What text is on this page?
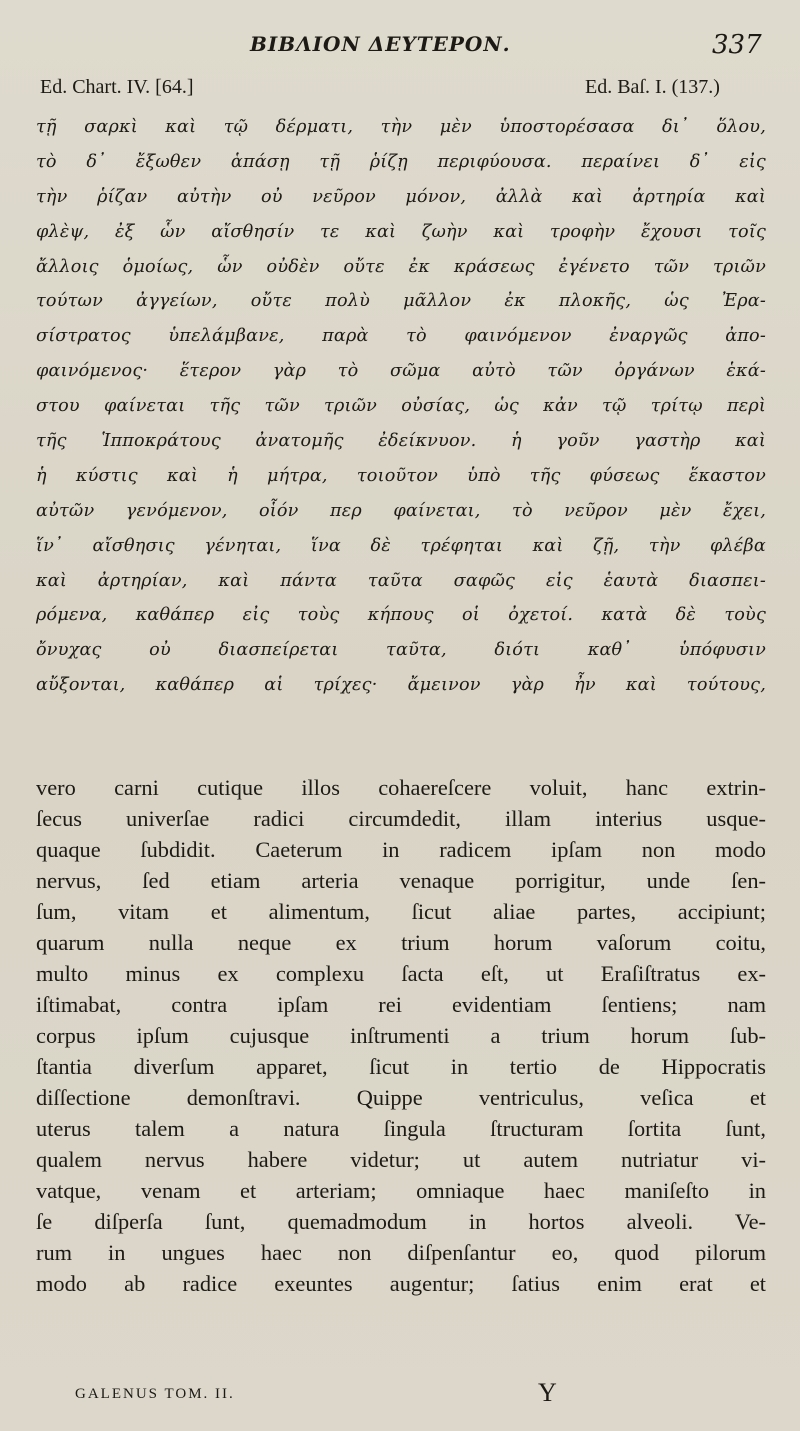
ΒΙΒΛΙΟΝ ΔΕΥΤΕΡΟΝ.	337
Ed. Chart. IV. [64.]	Ed. Baſ. I. (137.)
τῇ σαρκὶ καὶ τῷ δέρματι, τὴν μὲν ὑποστορέσασα δι᾽ ὅλου,
τὸ δ᾽ ἔξωθεν ἁπάσῃ τῇ ῥίζῃ περιφύουσα. περαίνει δ᾽ εἰς
τὴν ῥίζαν αὐτὴν οὐ νεῦρον μόνον, ἀλλὰ καὶ ἀρτηρία καὶ
φλὲψ, ἐξ ὧν αἴσθησίν τε καὶ ζωὴν καὶ τροφὴν ἔχουσι τοῖς
ἄλλοις ὁμοίως, ὧν οὐδὲν οὔτε ἐκ κράσεως ἐγένετο τῶν τριῶν
τούτων ἀγγείων, οὔτε πολὺ μᾶλλον ἐκ πλοκῆς, ὡς Ἐρα-
σίστρατος ὑπελάμβανε, παρὰ τὸ φαινόμενον ἐναργῶς ἀπο-
φαινόμενος· ἕτερον γὰρ τὸ σῶμα αὐτὸ τῶν ὀργάνων ἑκά-
στου φαίνεται τῆς τῶν τριῶν οὐσίας, ὡς κἀν τῷ τρίτῳ περὶ
τῆς Ἱπποκράτους ἀνατομῆς ἐδείκνυον. ἡ γοῦν γαστὴρ καὶ
ἡ κύστις καὶ ἡ μήτρα, τοιοῦτον ὑπὸ τῆς φύσεως ἕκαστον
αὐτῶν γενόμενον, οἷόν περ φαίνεται, τὸ νεῦρον μὲν ἔχει,
ἵν᾽ αἴσθησις γένηται, ἵνα δὲ τρέφηται καὶ ζῇ, τὴν φλέβα
καὶ ἀρτηρίαν, καὶ πάντα ταῦτα σαφῶς εἰς ἑαυτὰ διασπει-
ρόμενα, καθάπερ εἰς τοὺς κήπους οἱ ὀχετοί. κατὰ δὲ τοὺς
ὄνυχας οὐ διασπείρεται ταῦτα, διότι καθ᾽ ὑπόφυσιν
αὔξονται, καθάπερ αἱ τρίχες· ἄμεινον γὰρ ἦν καὶ τούτους,
vero carni cutique illos cohaereſcere voluit, hanc extrin-
ſecus univerſae radici circumdedit, illam interius usque-
quaque ſubdidit. Caeterum in radicem ipſam non modo
nervus, ſed etiam arteria venaque porrigitur, unde ſen-
ſum, vitam et alimentum, ſicut aliae partes, accipiunt;
quarum nulla neque ex trium horum vaſorum coitu,
multo minus ex complexu ſacta eſt, ut Eraſiſtratus ex-
iſtimabat, contra ipſam rei evidentiam ſentiens; nam
corpus ipſum cujusque inſtrumenti a trium horum ſub-
ſtantia diverſum apparet, ſicut in tertio de Hippocratis
diſſectione demonſtravi. Quippe ventriculus, veſica et
uterus talem a natura ſingula ſtructuram ſortita ſunt,
qualem nervus habere videtur; ut autem nutriatur vi-
vatque, venam et arteriam; omniaque haec maniſeſto in
ſe diſperſa ſunt, quemadmodum in hortos alveoli. Ve-
rum in ungues haec non diſpenſantur eo, quod pilorum
modo ab radice exeuntes augentur; ſatius enim erat et
GALENUS TOM. II.	Y
